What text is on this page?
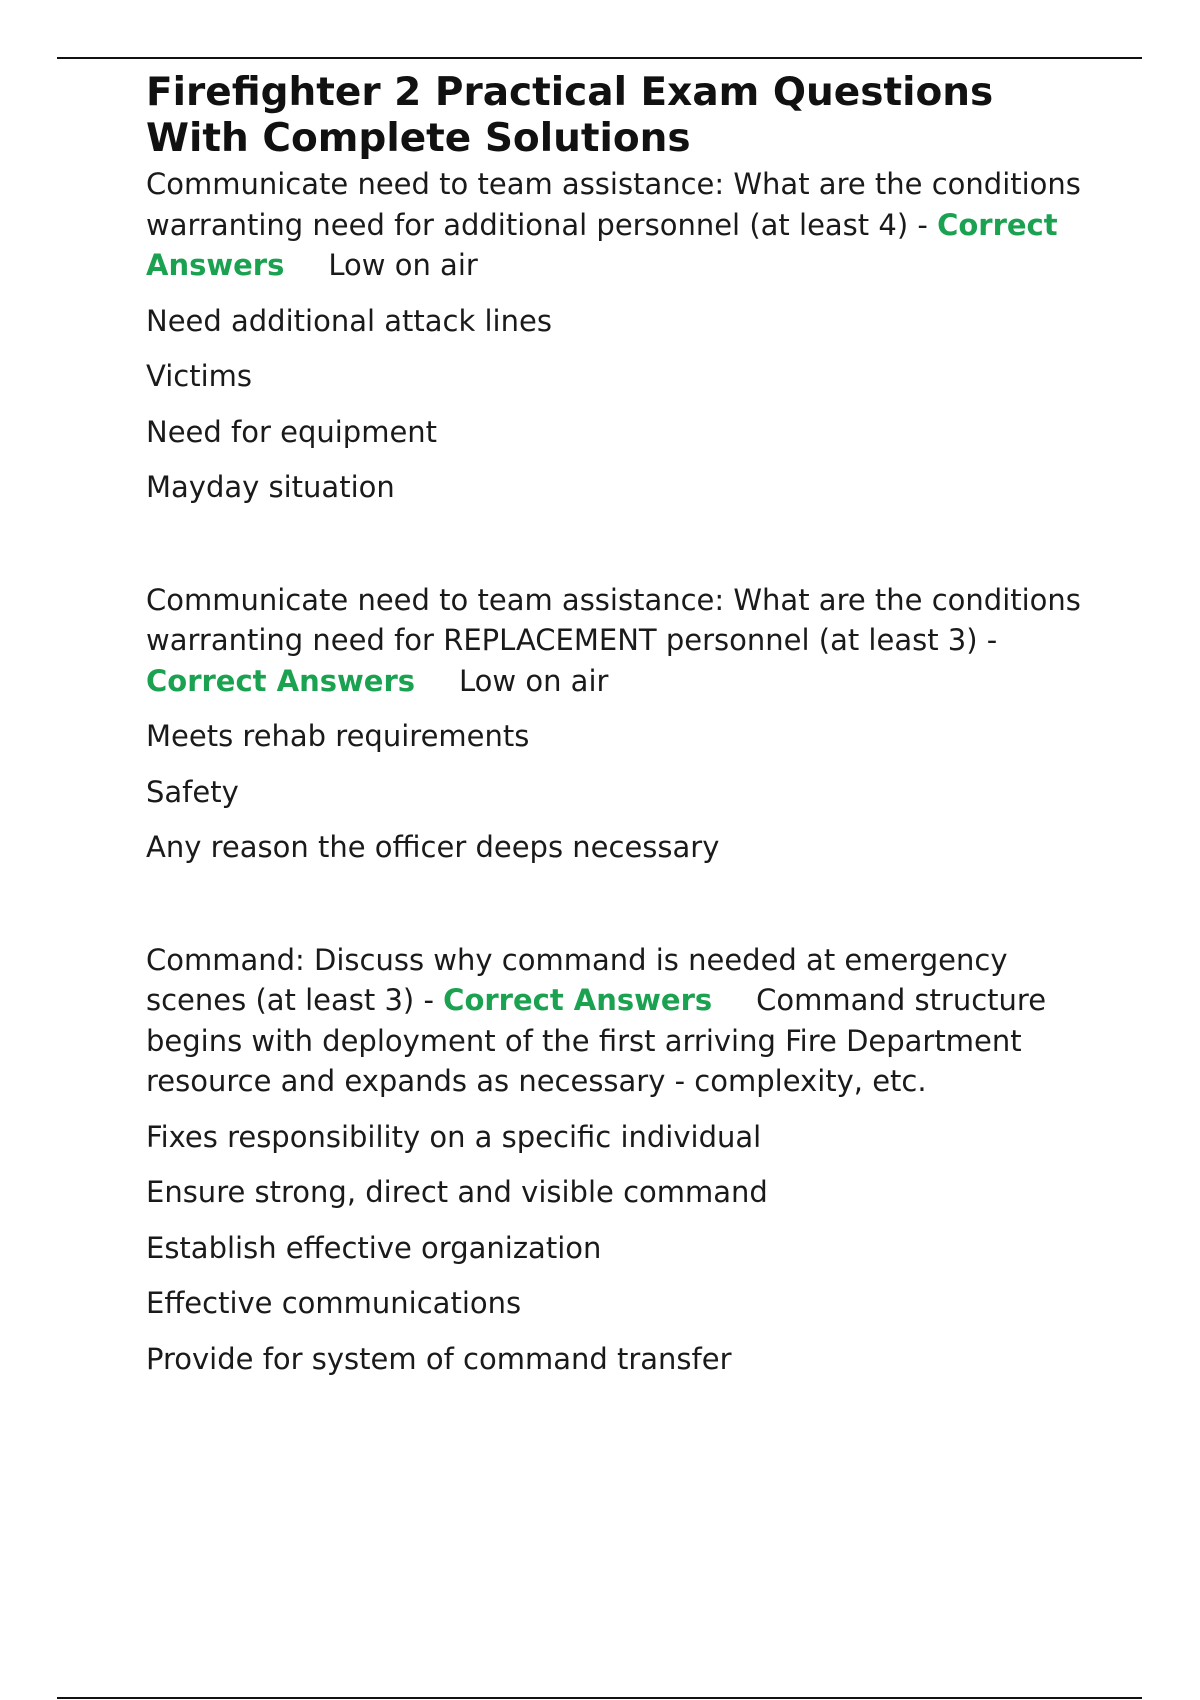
Firefighter 2 Practical Exam Questions With Complete Solutions

Communicate need to team assistance: What are the conditions warranting need for additional personnel (at least 4) - Correct Answers Low on air

Need additional attack lines

Victims

Need for equipment

Mayday situation

Communicate need to team assistance: What are the conditions warranting need for REPLACEMENT personnel (at least 3) - Correct Answers Low on air

Meets rehab requirements

Safety

Any reason the officer deeps necessary

Command: Discuss why command is needed at emergency scenes (at least 3) - Correct Answers Command structure begins with deployment of the first arriving Fire Department resource and expands as necessary - complexity, etc.

Fixes responsibility on a specific individual

Ensure strong, direct and visible command

Establish effective organization

Effective communications

Provide for system of command transfer
